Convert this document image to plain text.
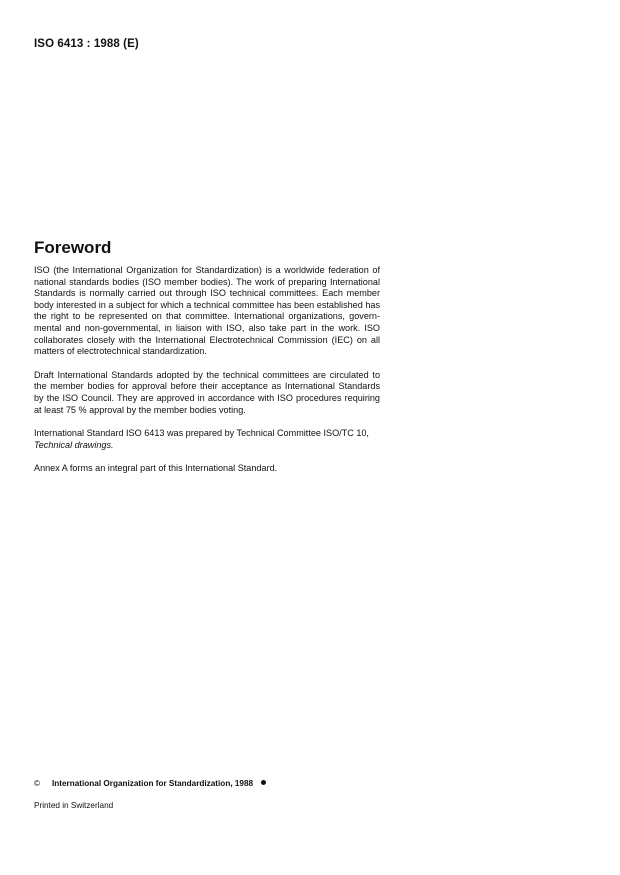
ISO 6413 : 1988 (E)
Foreword

ISO (the International Organization for Standardization) is a worldwide federation of national standards bodies (ISO member bodies). The work of preparing International Standards is normally carried out through ISO technical committees. Each member body interested in a subject for which a technical committee has been established has the right to be represented on that committee. International organizations, govern-mental and non-governmental, in liaison with ISO, also take part in the work. ISO collaborates closely with the International Electrotechnical Commission (IEC) on all matters of electrotechnical standardization.

Draft International Standards adopted by the technical committees are circulated to the member bodies for approval before their acceptance as International Standards by the ISO Council. They are approved in accordance with ISO procedures requiring at least 75 % approval by the member bodies voting.

International Standard ISO 6413 was prepared by Technical Committee ISO/TC 10,
Technical drawings.

Annex A forms an integral part of this International Standard.

© International Organization for Standardization, 1988
Printed in Switzerland
